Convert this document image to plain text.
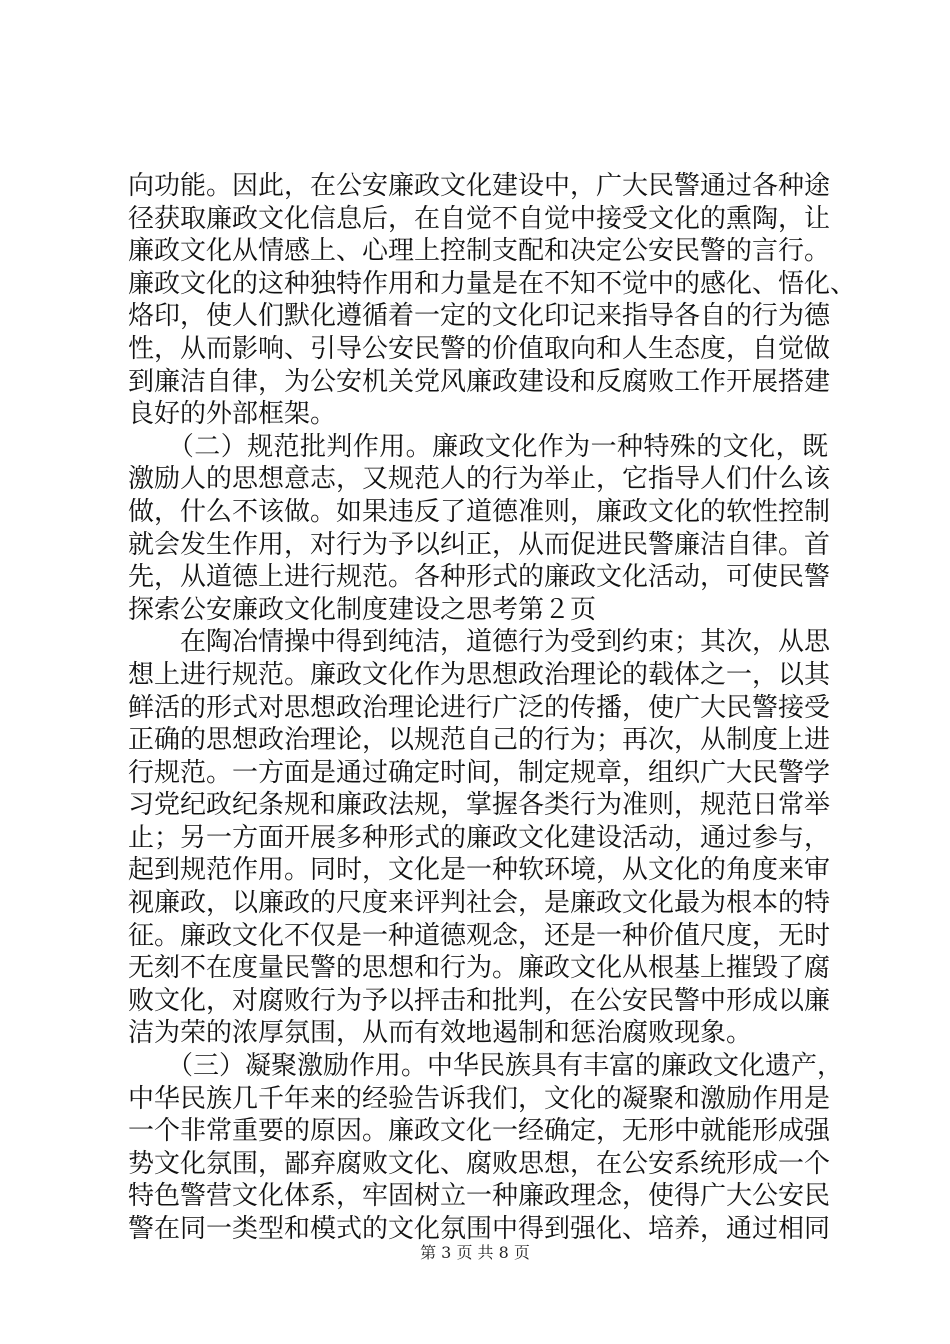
向功能。因此，在公安廉政文化建设中，广大民警通过各种途
径获取廉政文化信息后，在自觉不自觉中接受文化的熏陶，让
廉政文化从情感上、心理上控制支配和决定公安民警的言行。
廉政文化的这种独特作用和力量是在不知不觉中的感化、悟化、
烙印，使人们默化遵循着一定的文化印记来指导各自的行为德
性，从而影响、引导公安民警的价值取向和人生态度，自觉做
到廉洁自律，为公安机关党风廉政建设和反腐败工作开展搭建
良好的外部框架。
　　（二）规范批判作用。廉政文化作为一种特殊的文化，既
激励人的思想意志，又规范人的行为举止，它指导人们什么该
做，什么不该做。如果违反了道德准则，廉政文化的软性控制
就会发生作用，对行为予以纠正，从而促进民警廉洁自律。首
先，从道德上进行规范。各种形式的廉政文化活动，可使民警
探索公安廉政文化制度建设之思考第２页
　　在陶冶情操中得到纯洁，道德行为受到约束；其次，从思
想上进行规范。廉政文化作为思想政治理论的载体之一，以其
鲜活的形式对思想政治理论进行广泛的传播，使广大民警接受
正确的思想政治理论，以规范自己的行为；再次，从制度上进
行规范。一方面是通过确定时间，制定规章，组织广大民警学
习党纪政纪条规和廉政法规，掌握各类行为准则，规范日常举
止；另一方面开展多种形式的廉政文化建设活动，通过参与，
起到规范作用。同时，文化是一种软环境，从文化的角度来审
视廉政，以廉政的尺度来评判社会，是廉政文化最为根本的特
征。廉政文化不仅是一种道德观念，还是一种价值尺度，无时
无刻不在度量民警的思想和行为。廉政文化从根基上摧毁了腐
败文化，对腐败行为予以抨击和批判，在公安民警中形成以廉
洁为荣的浓厚氛围，从而有效地遏制和惩治腐败现象。
　　（三）凝聚激励作用。中华民族具有丰富的廉政文化遗产，
中华民族几千年来的经验告诉我们，文化的凝聚和激励作用是
一个非常重要的原因。廉政文化一经确定，无形中就能形成强
势文化氛围，鄙弃腐败文化、腐败思想，在公安系统形成一个
特色警营文化体系，牢固树立一种廉政理念，使得广大公安民
警在同一类型和模式的文化氛围中得到强化、培养，通过相同
第 3 页 共 8 页
